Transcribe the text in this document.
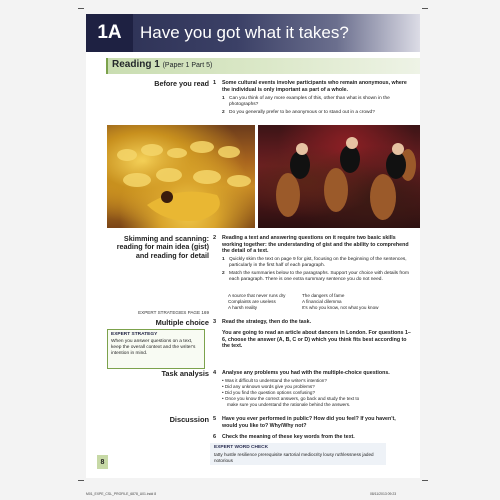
1A	Have you got what it takes?
Reading 1 (Paper 1 Part 5)
Before you read 1 Some cultural events involve participants who remain anonymous, where the individual is only important as part of a whole.
1 Can you think of any more examples of this, other than what is shown in the photographs?
2 Do you generally prefer to be anonymous or to stand out in a crowd?
Skimming and scanning: reading for main idea (gist) and reading for detail
2 Reading a text and answering questions on it require two basic skills working together: the understanding of gist and the ability to comprehend the detail of a text.
1 Quickly skim the text on page 9 for gist, focusing on the beginning of the sentences, particularly in the first half of each paragraph.
2 Match the summaries below to the paragraphs. Support your choice with details from each paragraph. There is one extra summary sentence you do not need.
A source that never runs dry
Complaints are useless
A harsh reality
The dangers of fame
A financial dilemma
It's who you know, not what you know
EXPERT STRATEGIES PAGE 169
Multiple choice 3 Read the strategy, then do the task.
You are going to read an article about dancers in London. For questions 1–6, choose the answer (A, B, C or D) which you think fits best according to the text.
EXPERT STRATEGY
When you answer questions on a text, keep the overall context and the writer's intention in mind.
Task analysis 4 Analyse any problems you had with the multiple-choice questions.
• Was it difficult to understand the writer's intention?
• Did any unknown words give you problems?
• Did you find the question options confusing?
• Once you know the correct answers, go back and study the text to
make sure you understand the rationale behind the answers.
Discussion 5 Have you ever performed in public? How did you feel? If you haven't, would you like to? Why/Why not?
6 Check the meaning of these key words from the text.
EXPERT WORD CHECK
tatty hustle resilience prerequisite sartorial mediocrity lousy ruthlessness jaded notorious
8
M01_EXPE_CSL_PROFILE_6878_U01.indd 8	08/11/2013 09:23
